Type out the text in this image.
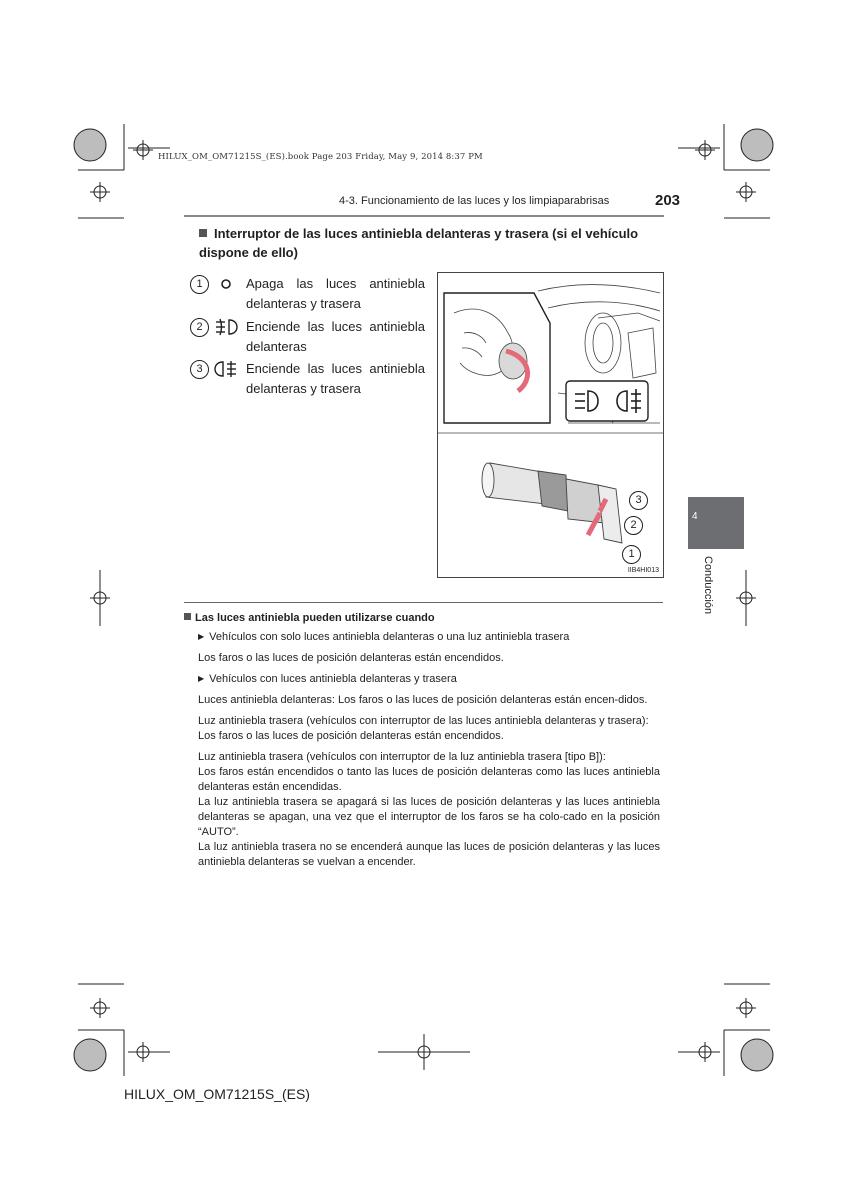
HILUX_OM_OM71215S_(ES).book Page 203 Friday, May 9, 2014 8:37 PM
4-3. Funcionamiento de las luces y los limpiaparabrisas	203
Interruptor de las luces antiniebla delanteras y trasera (si el vehículo dispone de ello)
1	Apaga las luces antiniebla delanteras y trasera
2	Enciende las luces antiniebla delanteras
3	Enciende las luces antiniebla delanteras y trasera
3
2
1
IIB4HI013
4
Conducción
Las luces antiniebla pueden utilizarse cuando
▶ Vehículos con solo luces antiniebla delanteras o una luz antiniebla trasera

Los faros o las luces de posición delanteras están encendidos.

▶ Vehículos con luces antiniebla delanteras y trasera

Luces antiniebla delanteras: Los faros o las luces de posición delanteras están encen-didos.

Luz antiniebla trasera (vehículos con interruptor de las luces antiniebla delanteras y trasera):

Los faros o las luces de posición delanteras están encendidos.

Luz antiniebla trasera (vehículos con interruptor de la luz antiniebla trasera [tipo B]):

Los faros están encendidos o tanto las luces de posición delanteras como las luces antiniebla delanteras están encendidas.

La luz antiniebla trasera se apagará si las luces de posición delanteras y las luces antiniebla delanteras se apagan, una vez que el interruptor de los faros se ha colo-cado en la posición “AUTO”.

La luz antiniebla trasera no se encenderá aunque las luces de posición delanteras y las luces antiniebla delanteras se vuelvan a encender.

HILUX_OM_OM71215S_(ES)
